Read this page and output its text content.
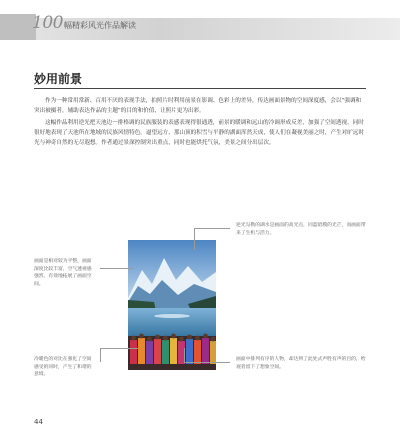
100 幅精彩风光作品解读
妙用前景

作为一种常用常新、百用不厌的表现手法，拍照片时利用前景在影调、色彩上的差异，传达画面景物的空间深度感，会以“强调和突出被摄者，辅助表达作品的主题”的目的和价值，让照片更为出彩。

这幅作品利用逆光把天池边一排格调的民族服装的表感表现得很通透，前景的暖调和远山的冷调形成反差，加强了空间透视。同时很好地表现了天池所在地域的民族风情特色。逼望远方，那山顶的积雪与平静的湖面浑然天成，使人们在凝视美丽之时，产生对旷远时光与神奇自然的无尽遐想。作者通过景深控制突出重点，同时也能烘托气氛，美景之间分出层次。

逆光勾勒的湖水是画面的高光点，同蓝暗膜的光芒，而画面带来了生机与活力。
画面是相对较为平整，画面深度比较丰富，空气透视感强烈，有效地拓展了画面空间。
冷暖色的对比在强化了空间感受的同时，产生了和谐的意境。
画面中排列有序的人物，却达到了此处式声胜有声的目的，给观者留下了想象空间。
44
